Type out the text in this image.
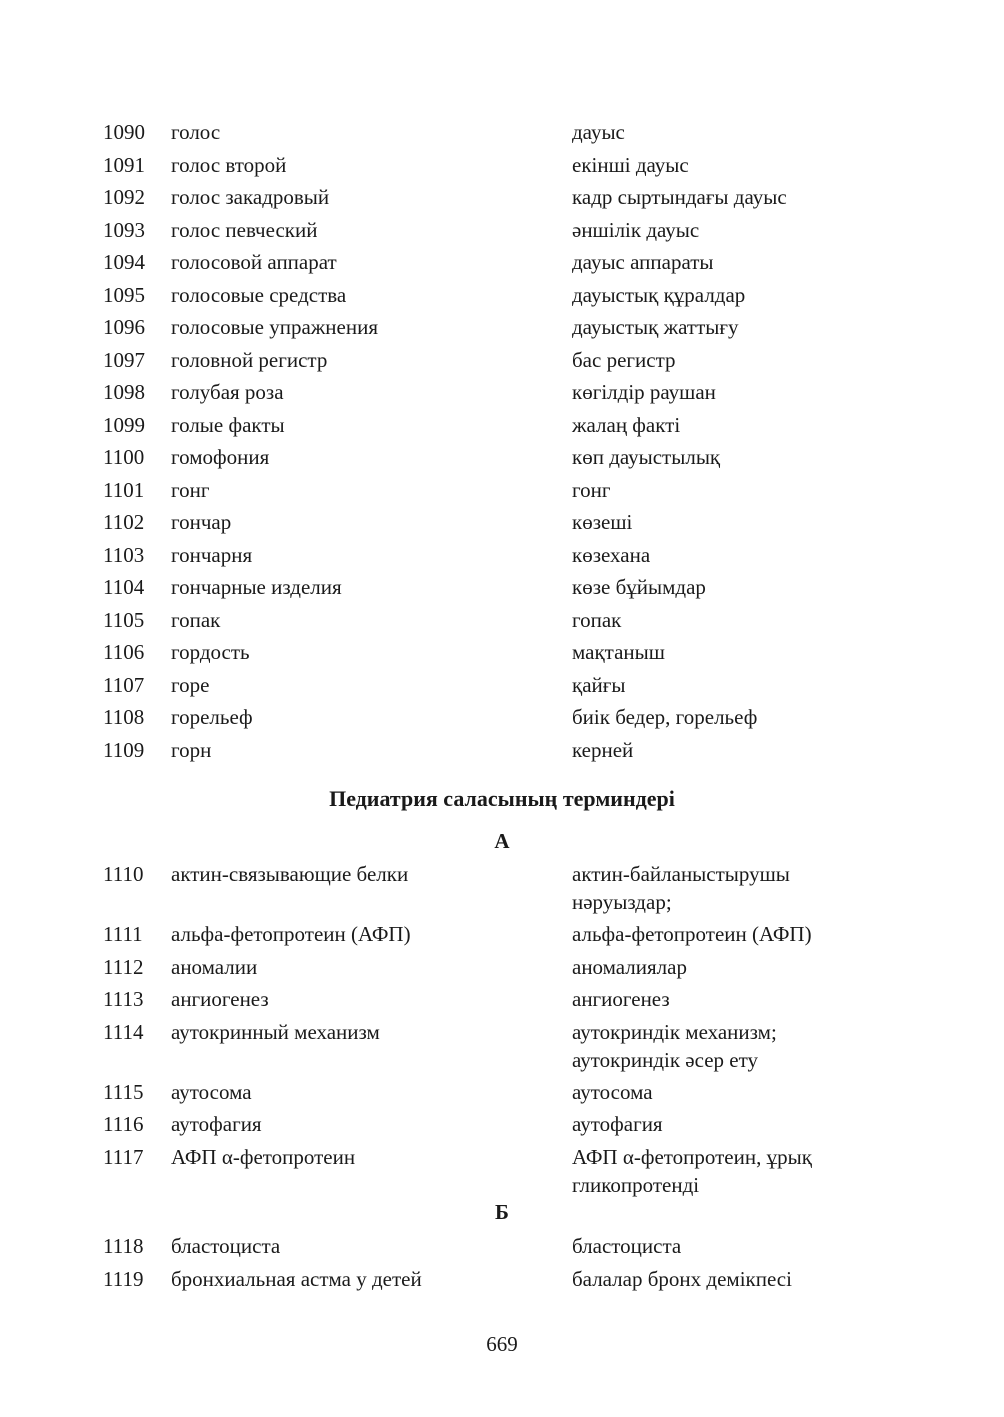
1090 голос	дауыс
1091 голос второй	екінші дауыс
1092 голос закадровый	кадр сыртындағы дауыс
1093 голос певческий	әншілік дауыс
1094 голосовой аппарат	дауыс аппараты
1095 голосовые средства	дауыстық құралдар
1096 голосовые упражнения	дауыстық жаттығу
1097 головной регистр	бас регистр
1098 голубая роза	көгілдір раушан
1099 голые факты	жалаң факті
1100 гомофония	көп дауыстылық
1101 гонг	гонг
1102 гончар	көзеші
1103 гончарня	көзехана
1104 гончарные изделия	көзе бұйымдар
1105 гопак	гопак
1106 гордость	мақтаныш
1107 горе	қайғы
1108 горельеф	биік бедер, горельеф
1109 горн	керней
Педиатрия саласының терминдері
А
1110 актин-связывающие белки	актин-байланыстырушы
нәруыздар;
1111 альфа-фетопротеин (АФП)	альфа-фетопротеин (АФП)
1112 аномалии	аномалиялар
1113 ангиогенез	ангиогенез
1114 аутокринный механизм	аутокриндік механизм;
аутокриндік әсер ету
1115 аутосома	аутосома
1116 аутофагия	аутофагия
1117 АФП α-фетопротеин	АФП α-фетопротеин, ұрық
гликопротенді
Б
1118 бластоциста	бластоциста
1119 бронхиальная астма у детей	балалар бронх демікпесі
669
